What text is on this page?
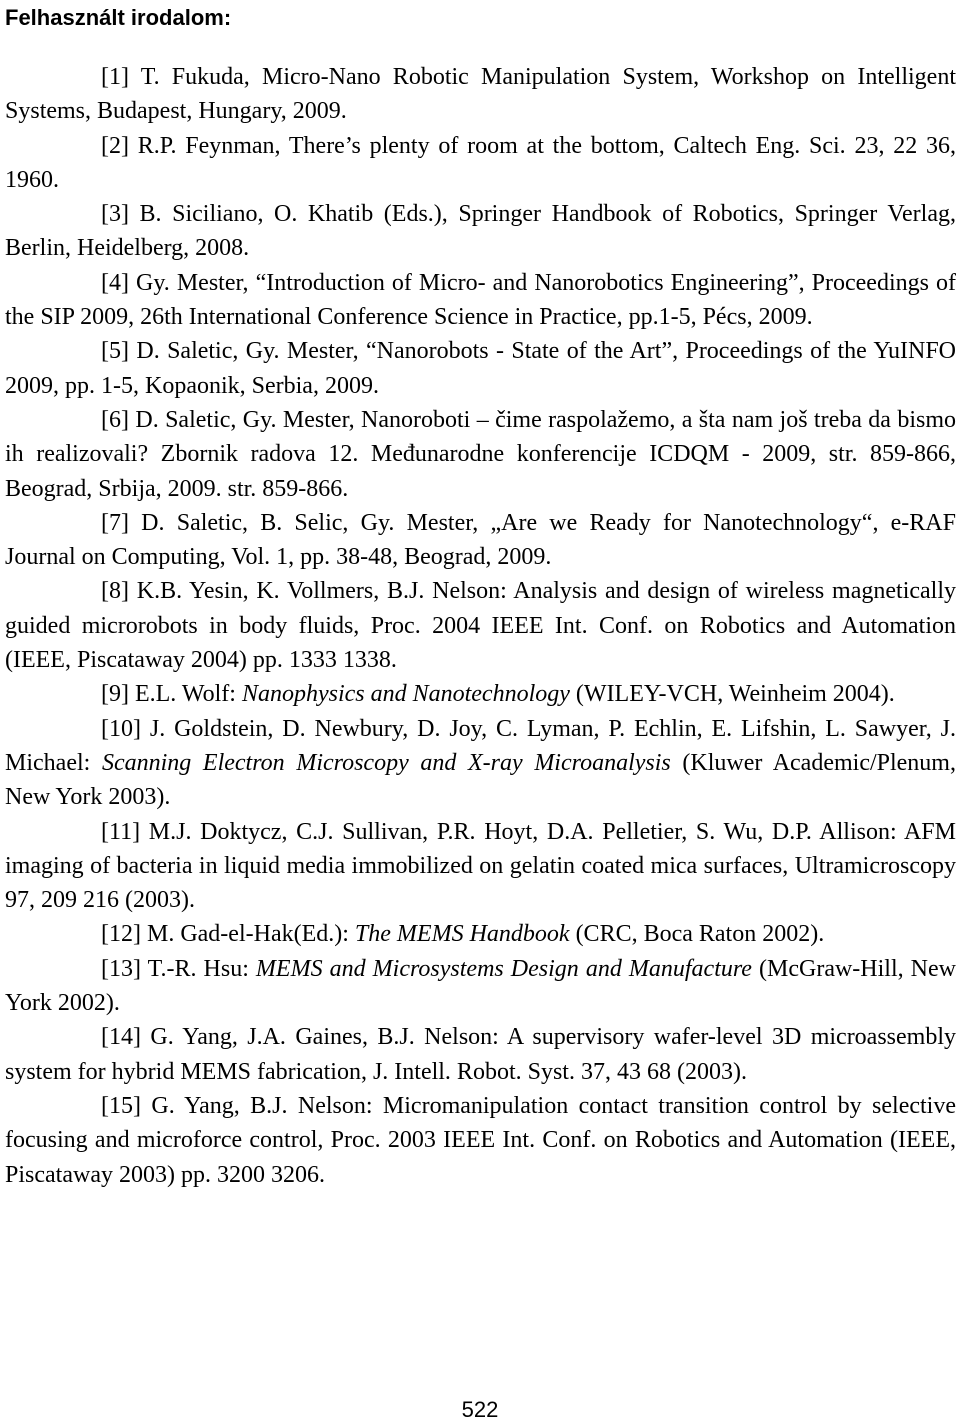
Felhasznált irodalom:

[1] T. Fukuda, Micro-Nano Robotic Manipulation System, Workshop on Intelligent Systems, Budapest, Hungary, 2009.

[2] R.P. Feynman, There’s plenty of room at the bottom, Caltech Eng. Sci. 23, 22 36, 1960.

[3] B. Siciliano, O. Khatib (Eds.), Springer Handbook of Robotics, Springer Verlag, Berlin, Heidelberg, 2008.

[4] Gy. Mester, “Introduction of Micro- and Nanorobotics Engineering”, Proceedings of the SIP 2009, 26th International Conference Science in Practice, pp.1-5, Pécs, 2009.

[5] D. Saletic, Gy. Mester, “Nanorobots - State of the Art”, Proceedings of the YuINFO 2009, pp. 1-5, Kopaonik, Serbia, 2009.

[6] D. Saletic, Gy. Mester, Nanoroboti – čime raspolažemo, a šta nam još treba da bismo ih realizovali? Zbornik radova 12. Međunarodne konferencije ICDQM - 2009, str. 859-866, Beograd, Srbija, 2009. str. 859-866.

[7] D. Saletic, B. Selic, Gy. Mester, „Are we Ready for Nanotechnology“, e-RAF Journal on Computing, Vol. 1, pp. 38-48, Beograd, 2009.

[8] K.B. Yesin, K. Vollmers, B.J. Nelson: Analysis and design of wireless magnetically guided microrobots in body fluids, Proc. 2004 IEEE Int. Conf. on Robotics and Automation (IEEE, Piscataway 2004) pp. 1333 1338.

[9] E.L. Wolf: Nanophysics and Nanotechnology (WILEY-VCH, Weinheim 2004).

[10] J. Goldstein, D. Newbury, D. Joy, C. Lyman, P. Echlin, E. Lifshin, L. Sawyer, J. Michael: Scanning Electron Microscopy and X-ray Microanalysis (Kluwer Academic/Plenum, New York 2003).

[11] M.J. Doktycz, C.J. Sullivan, P.R. Hoyt, D.A. Pelletier, S. Wu, D.P. Allison: AFM imaging of bacteria in liquid media immobilized on gelatin coated mica surfaces, Ultramicroscopy 97, 209 216 (2003).

[12] M. Gad-el-Hak(Ed.): The MEMS Handbook (CRC, Boca Raton 2002).

[13] T.-R. Hsu: MEMS and Microsystems Design and Manufacture (McGraw-Hill, New York 2002).

[14] G. Yang, J.A. Gaines, B.J. Nelson: A supervisory wafer-level 3D microassembly system for hybrid MEMS fabrication, J. Intell. Robot. Syst. 37, 43 68 (2003).

[15] G. Yang, B.J. Nelson: Micromanipulation contact transition control by selective focusing and microforce control, Proc. 2003 IEEE Int. Conf. on Robotics and Automation (IEEE, Piscataway 2003) pp. 3200 3206.

522
